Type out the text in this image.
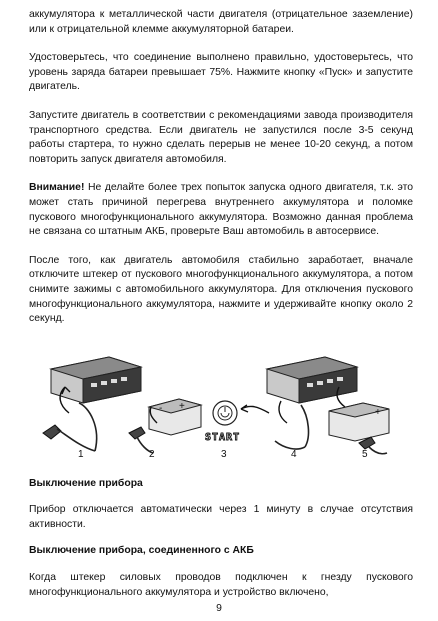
аккумулятора к металлической части двигателя (отрицательное заземление) или к отрицательной клемме аккумуляторной батареи.

Удостоверьтесь, что соединение выполнено правильно, удостоверьтесь, что уровень заряда батареи превышает 75%. Нажмите кнопку «Пуск» и запустите двигатель.

Запустите двигатель в соответствии с рекомендациями завода производителя транспортного средства. Если двигатель не запустился после 3-5 секунд работы стартера, то нужно сделать перерыв не менее 10-20 секунд, а потом повторить запуск двигателя автомобиля.

Внимание! Не делайте более трех попыток запуска одного двигателя, т.к. это может стать причиной перегрева внутреннего аккумулятора и поломке пускового многофункционального аккумулятора. Возможно данная проблема не связана со штатным АКБ, проверьте Ваш автомобиль в автосервисе.

После того, как двигатель автомобиля стабильно заработает, вначале отключите штекер от пускового многофункционального аккумулятора, а потом снимите зажимы с автомобильного аккумулятора. Для отключения пускового многофункционального аккумулятора, нажмите и удерживайте кнопку около 2 секунд.

- +
START
+
1	2	3	4	5
Выключение прибора

Прибор отключается автоматически через 1 минуту в случае отсутствия активности.

Выключение прибора, соединенного с АКБ

Когда штекер силовых проводов подключен к гнезду пускового многофункционального аккумулятора и устройство включено,

9
